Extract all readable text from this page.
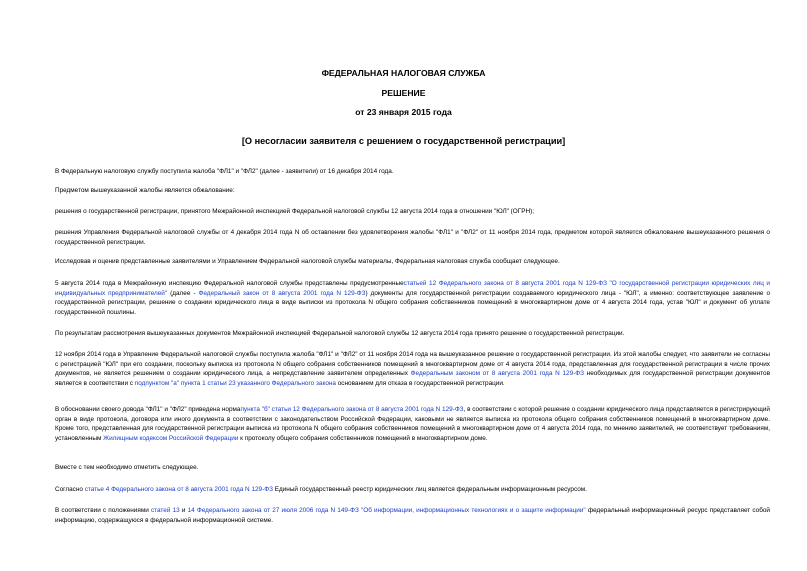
ФЕДЕРАЛЬНАЯ НАЛОГОВАЯ СЛУЖБА
РЕШЕНИЕ
от 23 января 2015 года
[О несогласии заявителя с решением о государственной регистрации]

В Федеральную налоговую службу поступила жалоба "ФЛ1" и "ФЛ2" (далее - заявители) от 16 декабря 2014 года.

Предметом вышеуказанной жалобы является обжалование:

решения о государственной регистрации, принятого Межрайонной инспекцией Федеральной налоговой службы 12 августа 2014 года в отношении "ЮЛ" (ОГРН);

решения Управления Федеральной налоговой службы от 4 декабря 2014 года N об оставлении без удовлетворения жалобы "ФЛ1" и "ФЛ2" от 11 ноября 2014 года, предметом которой является обжалование вышеуказанного решения о государственной регистрации.

Исследовав и оценив представленные заявителями и Управлением Федеральной налоговой службы материалы, Федеральная налоговая служба сообщает следующее.

5 августа 2014 года в Межрайонную инспекцию Федеральной налоговой службы представлены предусмотренныестатьей 12 Федерального закона от 8 августа 2001 года N 129-ФЗ "О государственной регистрации юридических лиц и индивидуальных предпринимателей" (далее - Федеральный закон от 8 августа 2001 года N 129-ФЗ) документы для государственной регистрации создаваемого юридического лица - "ЮЛ", а именно: соответствующее заявление о государственной регистрации, решение о создании юридического лица в виде выписки из протокола N общего собрания собственников помещений в многоквартирном доме от 4 августа 2014 года, устав "ЮЛ" и документ об уплате государственной пошлины.

По результатам рассмотрения вышеуказанных документов Межрайонной инспекцией Федеральной налоговой службы 12 августа 2014 года принято решение о государственной регистрации.

12 ноября 2014 года в Управление Федеральной налоговой службы поступила жалоба "ФЛ1" и "ФЛ2" от 11 ноября 2014 года на вышеуказанное решение о государственной регистрации. Из этой жалобы следует, что заявители не согласны с регистрацией "ЮЛ" при его создании, поскольку выписка из протокола N общего собрания собственников помещений в многоквартирном доме от 4 августа 2014 года, представленная для государственной регистрации в числе прочих документов, не является решением о создании юридического лица, а непредставление заявителем определенных Федеральным законом от 8 августа 2001 года N 129-ФЗ необходимых для государственной регистрации документов является в соответствии с подпунктом "а" пункта 1 статьи 23 указанного Федерального закона основанием для отказа в государственной регистрации.

В обосновании своего довода "ФЛ1" и "ФЛ2" приведена нормапункта "б" статьи 12 Федерального закона от 8 августа 2001 года N 129-ФЗ, в соответствии с которой решение о создании юридического лица представляется в регистрирующий орган в виде протокола, договора или иного документа в соответствии с законодательством Российской Федерации, каковыми не является выписка из протокола общего собрания собственников помещений в многоквартирном доме. Кроме того, представленная для государственной регистрации выписка из протокола N общего собрания собственников помещений в многоквартирном доме от 4 августа 2014 года, по мнению заявителей, не соответствует требованиям, установленным Жилищным кодексом Российской Федерации к протоколу общего собрания собственников помещений в многоквартирном доме.

Вместе с тем необходимо отметить следующее.

Согласно статье 4 Федерального закона от 8 августа 2001 года N 129-ФЗ Единый государственный реестр юридических лиц является федеральным информационным ресурсом.

В соответствии с положениями статей 13 и 14 Федерального закона от 27 июля 2006 года N 149-ФЗ "Об информации, информационных технологиях и о защите информации" федеральный информационный ресурс представляет собой информацию, содержащуюся в федеральной информационной системе.
